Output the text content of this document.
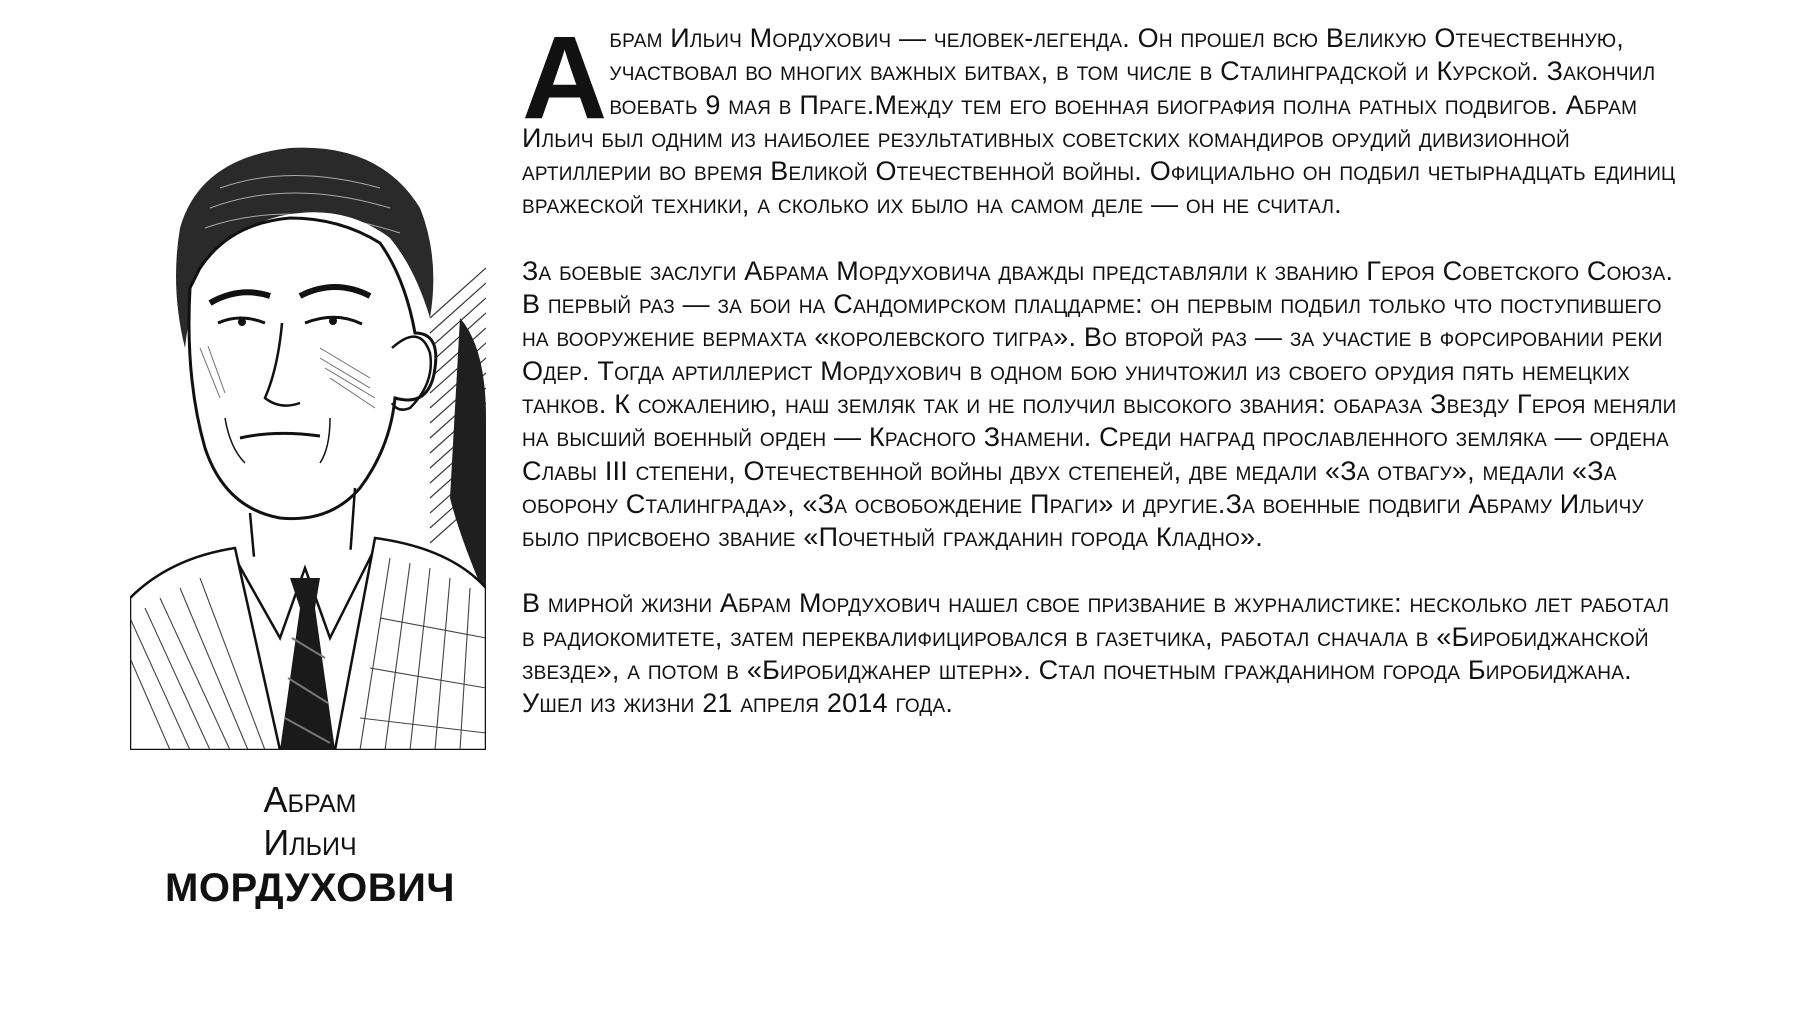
Абрам
Ильич
МОРДУХОВИЧ

Абрам Ильич Мордухович — человек-легенда. Он прошел всю Великую Отечественную, участвовал во многих важных битвах, в том числе в Сталинградской и Курской. Закончил воевать 9 мая в Праге.Между тем его военная биография полна ратных подвигов. Абрам Ильич был одним из наиболее результативных советских командиров орудий дивизионной артиллерии во время Великой Отечественной войны. Официально он подбил четырнадцать единиц вражеской техники, а сколько их было на самом деле — он не считал.

За боевые заслуги Абрама Мордуховича дважды представляли к званию Героя Советского Союза. В первый раз — за бои на Сандомирском плацдарме: он первым подбил только что поступившего на вооружение вермахта «королевского тигра». Во второй раз — за участие в форсировании реки Одер. Тогда артиллерист Мордухович в одном бою уничтожил из своего орудия пять немецких танков. К сожалению, наш земляк так и не получил высокого звания: обараза Звезду Героя меняли на высший военный орден — Красного Знамени. Среди наград прославленного земляка — ордена Славы III степени, Отечественной войны двух степеней, две медали «За отвагу», медали «За оборону Сталинграда», «За освобождение Праги» и другие.За военные подвиги Абраму Ильичу было присвоено звание «Почетный гражданин города Кладно».

В мирной жизни Абрам Мордухович нашел свое призвание в журналистике: несколько лет работал в радиокомитете, затем переквалифицировался в газетчика, работал сначала в «Биробиджанской звезде», а потом в «Биробиджанер штерн». Стал почетным гражданином города Биробиджана. Ушел из жизни 21 апреля 2014 года.
